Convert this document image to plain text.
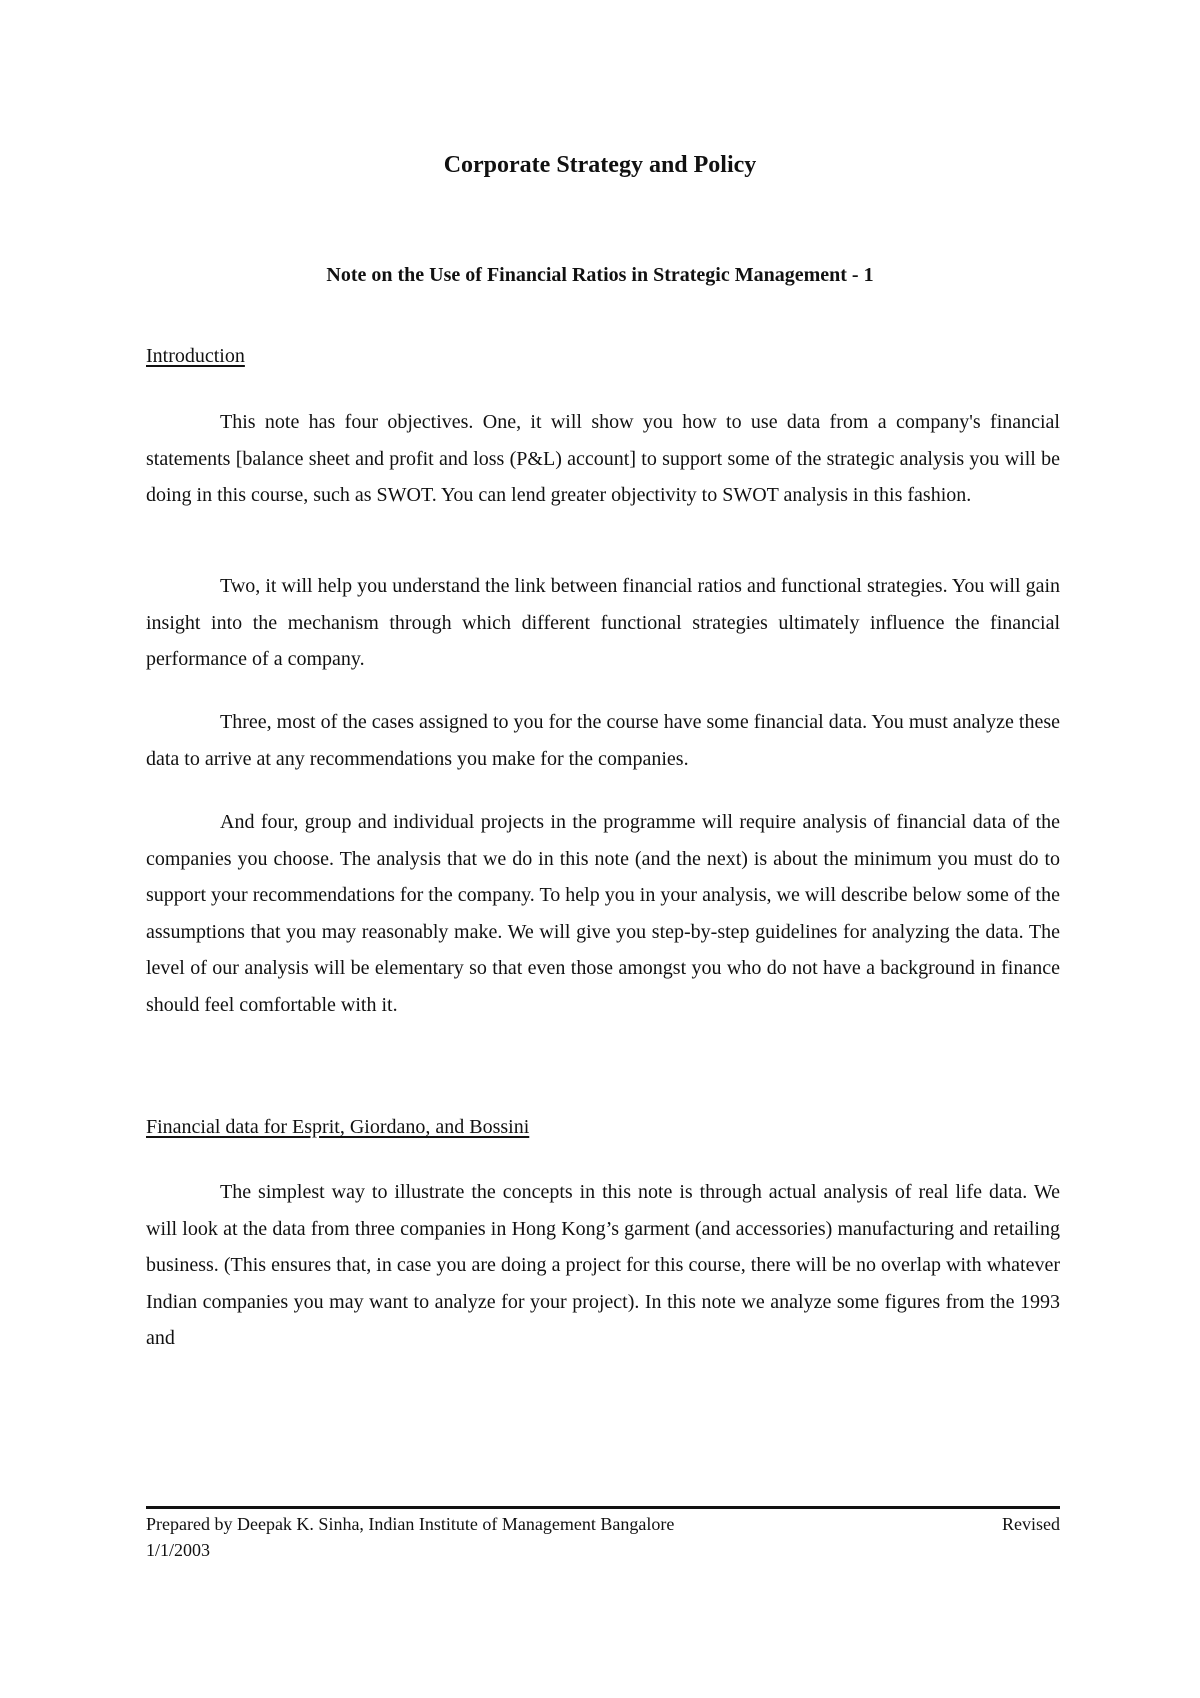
Corporate Strategy and Policy
Note on the Use of Financial Ratios in Strategic Management - 1
Introduction

This note has four objectives. One, it will show you how to use data from a company's financial statements [balance sheet and profit and loss (P&L) account] to support some of the strategic analysis you will be doing in this course, such as SWOT. You can lend greater objectivity to SWOT analysis in this fashion.

Two, it will help you understand the link between financial ratios and functional strategies. You will gain insight into the mechanism through which different functional strategies ultimately influence the financial performance of a company.

Three, most of the cases assigned to you for the course have some financial data. You must analyze these data to arrive at any recommendations you make for the companies.

And four, group and individual projects in the programme will require analysis of financial data of the companies you choose. The analysis that we do in this note (and the next) is about the minimum you must do to support your recommendations for the company. To help you in your analysis, we will describe below some of the assumptions that you may reasonably make. We will give you step-by-step guidelines for analyzing the data. The level of our analysis will be elementary so that even those amongst you who do not have a background in finance should feel comfortable with it.

Financial data for Esprit, Giordano, and Bossini

The simplest way to illustrate the concepts in this note is through actual analysis of real life data. We will look at the data from three companies in Hong Kong’s garment (and accessories) manufacturing and retailing business. (This ensures that, in case you are doing a project for this course, there will be no overlap with whatever Indian companies you may want to analyze for your project). In this note we analyze some figures from the 1993 and

Prepared by Deepak K. Sinha, Indian Institute of Management Bangalore	Revised
1/1/2003
